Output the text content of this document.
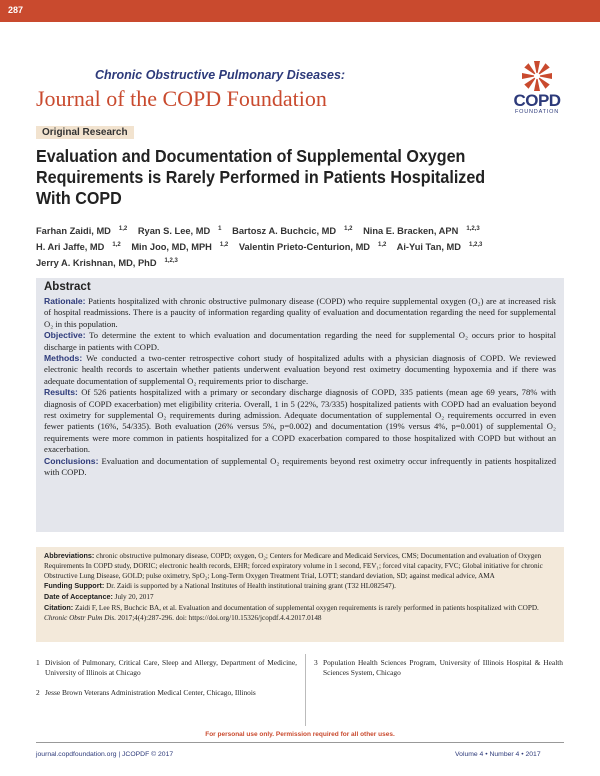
287
Chronic Obstructive Pulmonary Diseases:
Journal of the COPD Foundation	COPD
FOUNDATION
Original Research
Evaluation and Documentation of Supplemental Oxygen Requirements is Rarely Performed in Patients Hospitalized With COPD
Farhan Zaidi, MD $^{1,2}$ Ryan S. Lee, MD $^1$ Bartosz A. Buchcic, MD $^{1,2}$ Nina E. Bracken, APN $^{1,2,3}$
H. Ari Jaffe, MD $^{1,2}$ Min Joo, MD, MPH $^{1,2}$ Valentin Prieto-Centurion, MD $^{1,2}$ Ai-Yui Tan, MD $^{1,2,3}$
Jerry A. Krishnan, MD, PhD $^{1,2,3}$
Abstract

Rationale: Patients hospitalized with chronic obstructive pulmonary disease (COPD) who require supplemental oxygen (O₂) are at increased risk of hospital readmissions. There is a paucity of information regarding quality of evaluation and documentation regarding the need for supplemental O₂ in this population.

Objective: To determine the extent to which evaluation and documentation regarding the need for supplemental O₂ occurs prior to hospital discharge in patients with COPD.

Methods: We conducted a two-center retrospective cohort study of hospitalized adults with a physician diagnosis of COPD. We reviewed electronic health records to ascertain whether patients underwent evaluation beyond rest oximetry documenting hypoxemia and if there was adequate documentation of supplemental O₂ requirements prior to discharge.

Results: Of 526 patients hospitalized with a primary or secondary discharge diagnosis of COPD, 335 patients (mean age 69 years, 78% with diagnosis of COPD exacerbation) met eligibility criteria. Overall, 1 in 5 (22%, 73/335) hospitalized patients with COPD had an evaluation beyond rest oximetry for supplemental O₂ requirements during admission. Adequate documentation of supplemental O₂ requirements occurred in even fewer patients (16%, 54/335). Both evaluation (26% versus 5%, p=0.002) and documentation (19% versus 4%, p=0.001) of supplemental O₂ requirements were more common in patients hospitalized for a COPD exacerbation compared to those hospitalized with COPD but without an exacerbation.

Conclusions: Evaluation and documentation of supplemental O₂ requirements beyond rest oximetry occur infrequently in patients hospitalized with COPD.

Abbreviations: chronic obstructive pulmonary disease, COPD; oxygen, O₂; Centers for Medicare and Medicaid Services, CMS; Documentation and evaluation of Oxygen Requirements In COPD study, DORIC; electronic health records, EHR; forced expiratory volume in 1 second, FEV₁; forced vital capacity, FVC; Global initiative for chronic Obstructive Lung Disease, GOLD; pulse oximetry, SpO₂; Long-Term Oxygen Treatment Trial, LOTT; standard deviation, SD; against medical advice, AMA

Funding Support: Dr. Zaidi is supported by a National Institutes of Health institutional training grant (T32 HL082547).

Date of Acceptance: July 20, 2017

Citation: Zaidi F, Lee RS, Buchcic BA, et al. Evaluation and documentation of supplemental oxygen requirements is rarely performed in patients hospitalized with COPD. Chronic Obstr Pulm Dis. 2017;4(4):287-296. doi: https://doi.org/10.15326/jcopdf.4.4.2017.0148

1 Division of Pulmonary, Critical Care, Sleep and Allergy, Department of Medicine, University of Illinois at Chicago
2 Jesse Brown Veterans Administration Medical Center, Chicago, Illinois
3 Population Health Sciences Program, University of Illinois Hospital & Health Sciences System, Chicago
For personal use only. Permission required for all other uses.
journal.copdfoundation.org | JCOPDF © 2017	Volume 4 • Number 4 • 2017
